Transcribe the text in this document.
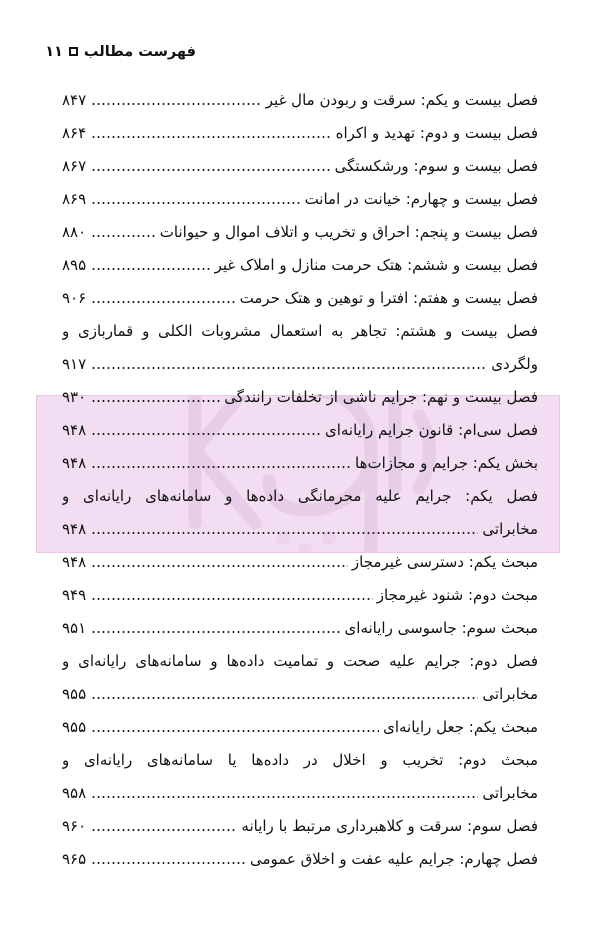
فهرست مطالب
۱۱
فصل بیست و یکم: سرقت و ربودن مال غیر
۸۴۷
فصل بیست و دوم: تهدید و اکراه
۸۶۴
فصل بیست و سوم: ورشکستگی
۸۶۷
فصل بیست و چهارم: خیانت در امانت
۸۶۹
فصل بیست و پنجم: احراق و تخریب و اتلاف اموال و حیوانات
۸۸۰
فصل بیست و ششم: هتک حرمت منازل و املاک غیر
۸۹۵
فصل بیست و هفتم: افترا و توهین و هتک حرمت
۹۰۶
فصل بیست و هشتم: تجاهر به استعمال مشروبات الکلی و قماربازی و
ولگردی
۹۱۷
فصل بیست و نهم: جرایم ناشی از تخلفات رانندگی
۹۳۰
فصل سی‌ام: قانون جرایم رایانه‌ای
۹۴۸
بخش یکم: جرایم و مجازات‌ها
۹۴۸
فصل یکم: جرایم علیه محرمانگی داده‌ها و سامانه‌های رایانه‌ای و
مخابراتی
۹۴۸
مبحث یکم: دسترسی غیرمجاز
۹۴۸
مبحث دوم: شنود غیرمجاز
۹۴۹
مبحث سوم: جاسوسی رایانه‌ای
۹۵۱
فصل دوم: جرایم علیه صحت و تمامیت داده‌ها و سامانه‌های رایانه‌ای و
مخابراتی
۹۵۵
مبحث یکم: جعل رایانه‌ای
۹۵۵
مبحث دوم: تخریب و اخلال در داده‌ها یا سامانه‌های رایانه‌ای و
مخابراتی
۹۵۸
فصل سوم: سرقت و کلاهبرداری مرتبط با رایانه
۹۶۰
فصل چهارم: جرایم علیه عفت و اخلاق عمومی
۹۶۵
